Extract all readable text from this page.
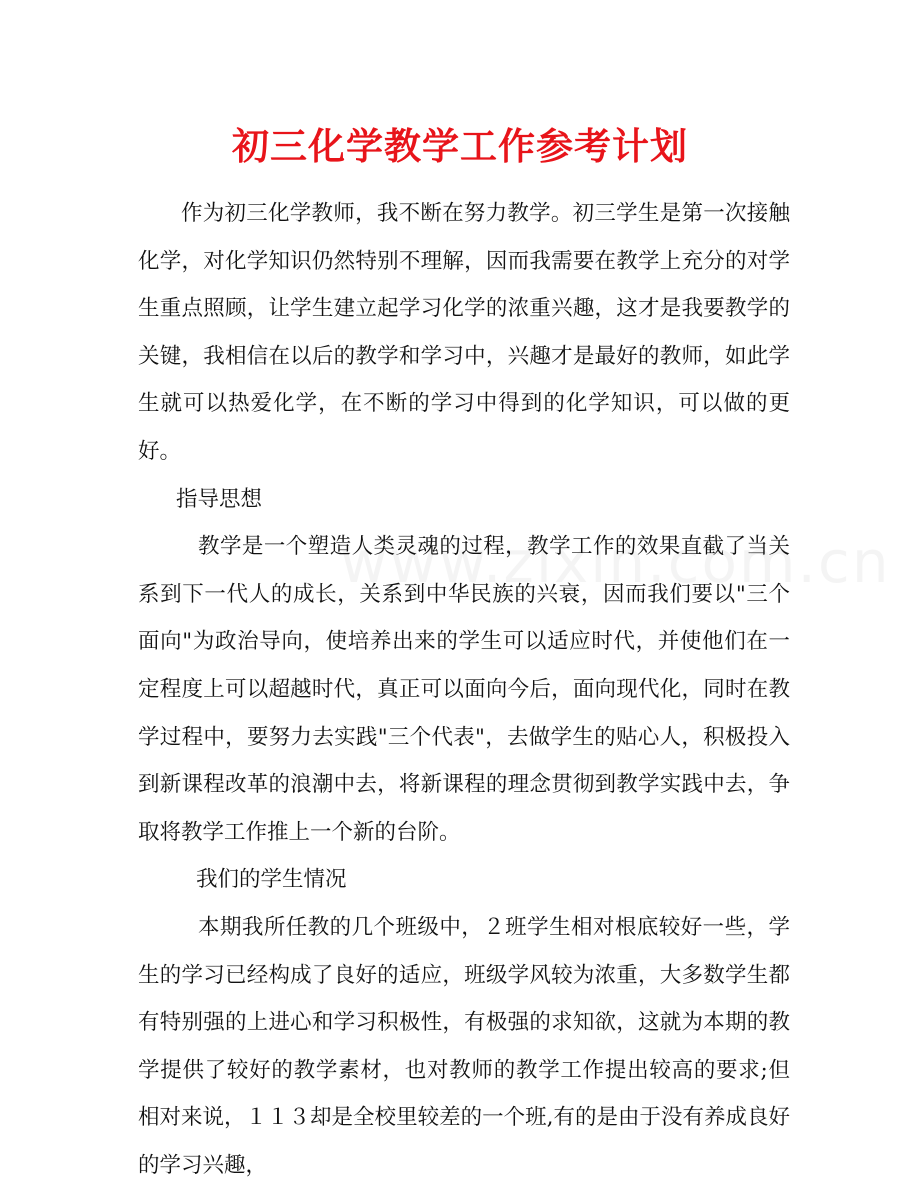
初三化学教学工作参考计划

作为初三化学教师，我不断在努力教学。初三学生是第一次接触化学，对化学知识仍然特别不理解，因而我需要在教学上充分的对学生重点照顾，让学生建立起学习化学的浓重兴趣，这才是我要教学的关键，我相信在以后的教学和学习中，兴趣才是最好的教师，如此学生就可以热爱化学，在不断的学习中得到的化学知识，可以做的更好。

指导思想

教学是一个塑造人类灵魂的过程，教学工作的效果直截了当关系到下一代人的成长，关系到中华民族的兴衰，因而我们要以"三个面向"为政治导向，使培养出来的学生可以适应时代，并使他们在一定程度上可以超越时代，真正可以面向今后，面向现代化，同时在教学过程中，要努力去实践"三个代表"，去做学生的贴心人，积极投入到新课程改革的浪潮中去，将新课程的理念贯彻到教学实践中去，争取将教学工作推上一个新的台阶。

我们的学生情况

本期我所任教的几个班级中，２班学生相对根底较好一些，学生的学习已经构成了良好的适应，班级学风较为浓重，大多数学生都有特别强的上进心和学习积极性，有极强的求知欲，这就为本期的教学提供了较好的教学素材，也对教师的教学工作提出较高的要求;但相对来说，１１３却是全校里较差的一个班,有的是由于没有养成良好的学习兴趣，
